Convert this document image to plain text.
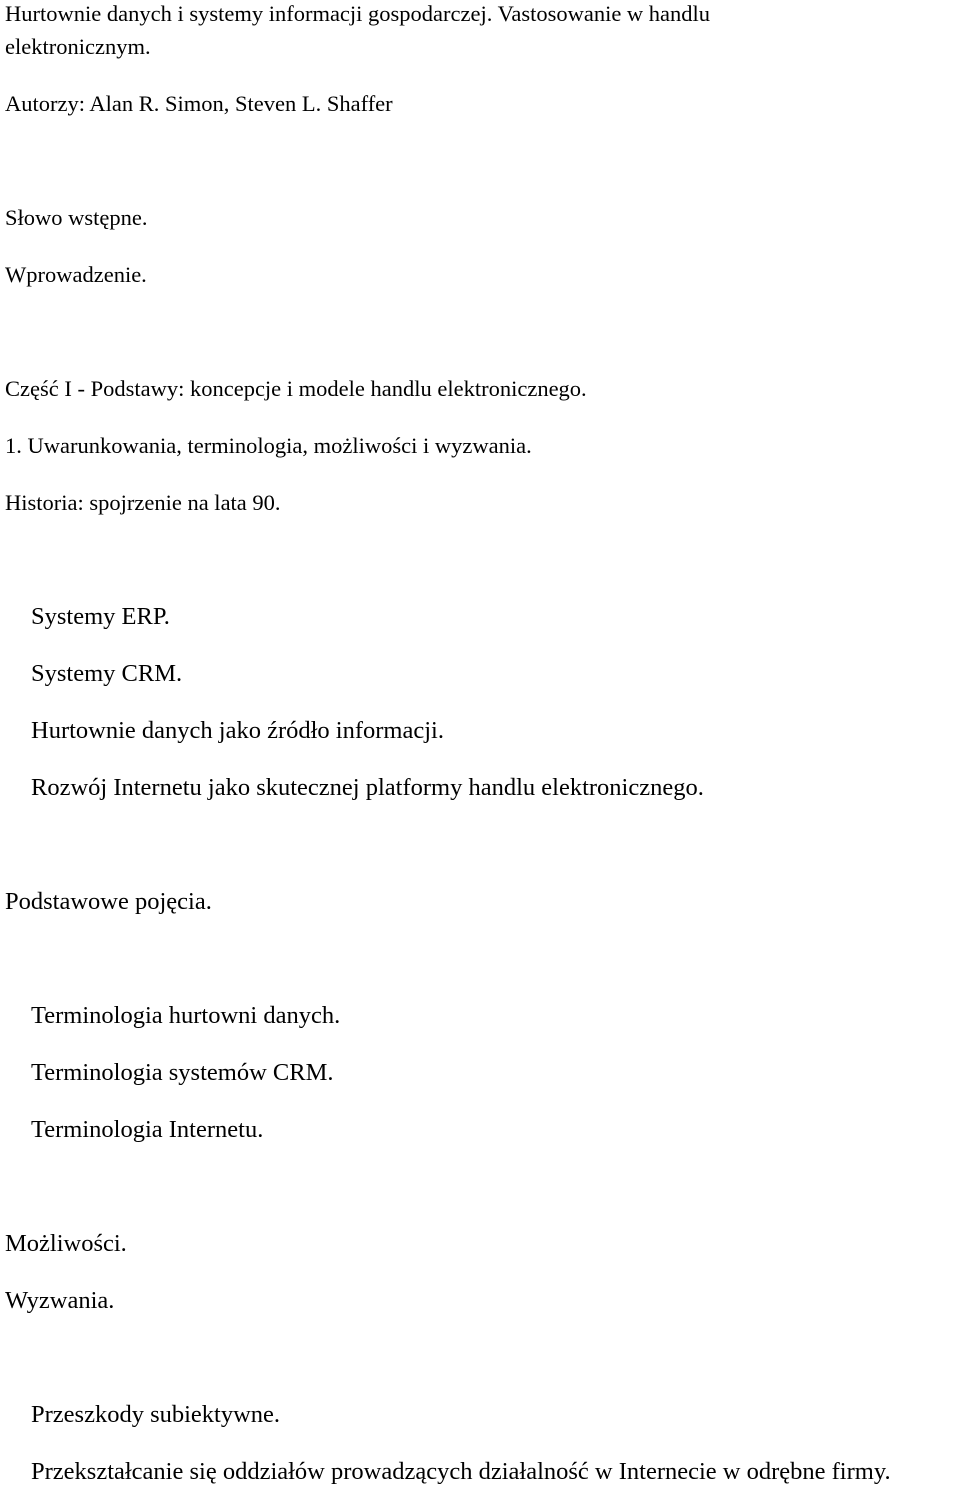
Hurtownie danych i systemy informacji gospodarczej. Vastosowanie w handlu
elektronicznym.
Autorzy: Alan R. Simon, Steven L. Shaffer
Słowo wstępne.
Wprowadzenie.
Część I - Podstawy: koncepcje i modele handlu elektronicznego.
1. Uwarunkowania, terminologia, możliwości i wyzwania.
Historia: spojrzenie na lata 90.
Systemy ERP.
Systemy CRM.
Hurtownie danych jako źródło informacji.
Rozwój Internetu jako skutecznej platformy handlu elektronicznego.
Podstawowe pojęcia.
Terminologia hurtowni danych.
Terminologia systemów CRM.
Terminologia Internetu.
Możliwości.
Wyzwania.
Przeszkody subiektywne.
Przekształcanie się oddziałów prowadzących działalność w Internecie w odrębne firmy.
